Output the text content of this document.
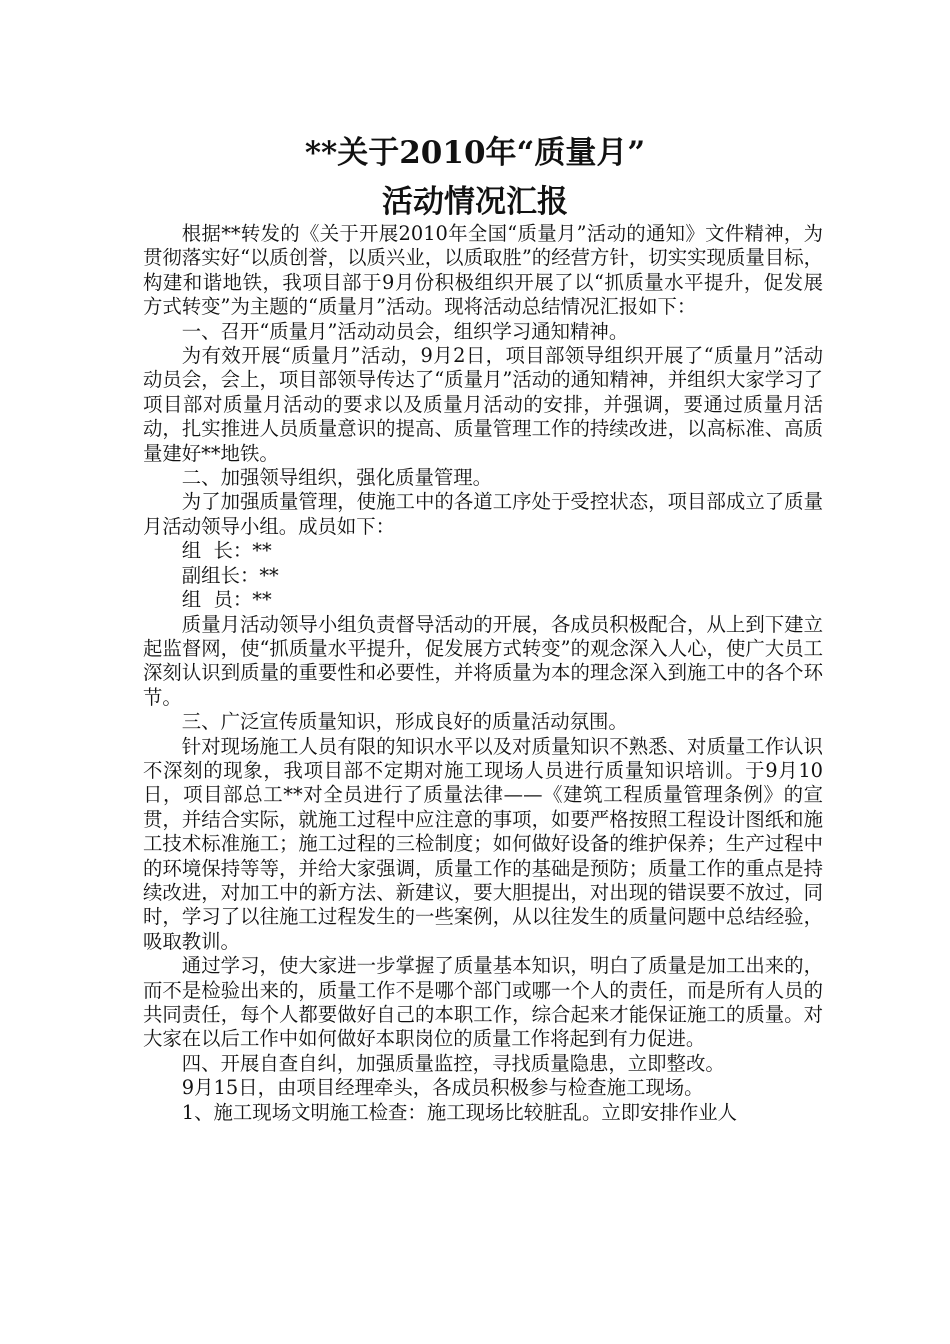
**关于2010年“质量月”
活动情况汇报

根据**转发的《关于开展2010年全国“质量月”活动的通知》文件精神，为贯彻落实好“以质创誉，以质兴业，以质取胜”的经营方针，切实实现质量目标，构建和谐地铁，我项目部于9月份积极组织开展了以“抓质量水平提升，促发展方式转变”为主题的“质量月”活动。现将活动总结情况汇报如下：

一、召开“质量月”活动动员会，组织学习通知精神。

为有效开展“质量月”活动，9月2日，项目部领导组织开展了“质量月”活动动员会，会上，项目部领导传达了“质量月”活动的通知精神，并组织大家学习了项目部对质量月活动的要求以及质量月活动的安排，并强调，要通过质量月活动，扎实推进人员质量意识的提高、质量管理工作的持续改进，以高标准、高质量建好**地铁。

二、加强领导组织，强化质量管理。

为了加强质量管理，使施工中的各道工序处于受控状态，项目部成立了质量月活动领导小组。成员如下：

组  长：**

副组长：**

组  员：**

质量月活动领导小组负责督导活动的开展，各成员积极配合，从上到下建立起监督网，使“抓质量水平提升，促发展方式转变”的观念深入人心，使广大员工深刻认识到质量的重要性和必要性，并将质量为本的理念深入到施工中的各个环节。

三、广泛宣传质量知识，形成良好的质量活动氛围。

针对现场施工人员有限的知识水平以及对质量知识不熟悉、对质量工作认识不深刻的现象，我项目部不定期对施工现场人员进行质量知识培训。于9月10日，项目部总工**对全员进行了质量法律——《建筑工程质量管理条例》的宣贯，并结合实际，就施工过程中应注意的事项，如要严格按照工程设计图纸和施工技术标准施工；施工过程的三检制度；如何做好设备的维护保养；生产过程中的环境保持等等，并给大家强调，质量工作的基础是预防；质量工作的重点是持续改进，对加工中的新方法、新建议，要大胆提出，对出现的错误要不放过，同时，学习了以往施工过程发生的一些案例，从以往发生的质量问题中总结经验，吸取教训。

通过学习，使大家进一步掌握了质量基本知识，明白了质量是加工出来的，而不是检验出来的，质量工作不是哪个部门或哪一个人的责任，而是所有人员的共同责任，每个人都要做好自己的本职工作，综合起来才能保证施工的质量。对大家在以后工作中如何做好本职岗位的质量工作将起到有力促进。

四、开展自查自纠，加强质量监控，寻找质量隐患，立即整改。

9月15日，由项目经理牵头，各成员积极参与检查施工现场。

1、施工现场文明施工检查：施工现场比较脏乱。立即安排作业人
